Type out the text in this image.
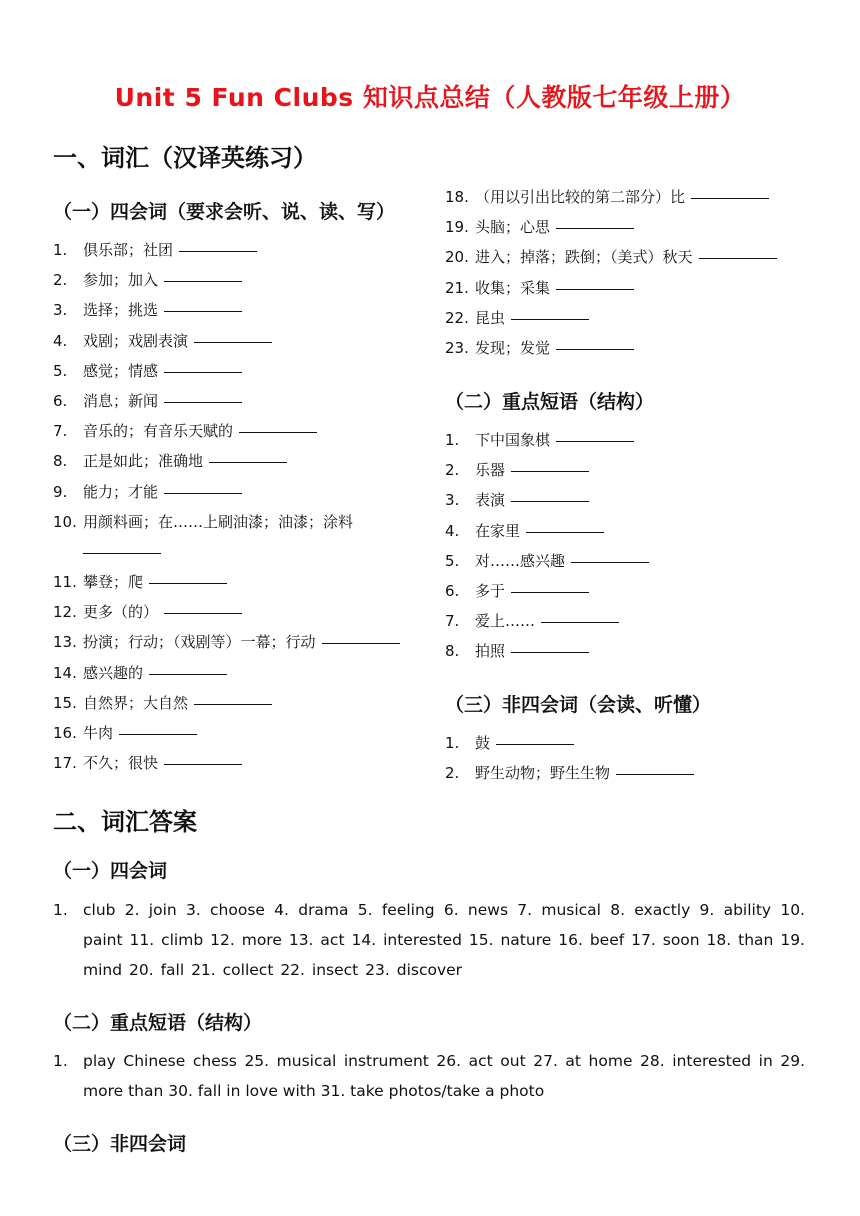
Unit 5 Fun Clubs 知识点总结（人教版七年级上册）
一、词汇（汉译英练习）
（一）四会词（要求会听、说、读、写）
1.	俱乐部；社团
2.	参加；加入
3.	选择；挑选
4.	戏剧；戏剧表演
5.	感觉；情感
6.	消息；新闻
7.	音乐的；有音乐天赋的
8.	正是如此；准确地
9.	能力；才能
10. 用颜料画；在……上刷油漆；油漆；涂料
11. 攀登；爬
12. 更多（的）
13. 扮演；行动；（戏剧等）一幕；行动
14. 感兴趣的
15. 自然界；大自然
16. 牛肉
17. 不久；很快
18. （用以引出比较的第二部分）比
19. 头脑；心思
20. 进入；掉落；跌倒；（美式）秋天
21. 收集；采集
22. 昆虫
23. 发现；发觉
（二）重点短语（结构）
1.	下中国象棋
2.	乐器
3.	表演
4.	在家里
5.	对……感兴趣
6.	多于
7.	爱上……
8.	拍照
（三）非四会词（会读、听懂）
1.	鼓
2.	野生动物；野生生物
二、词汇答案
（一）四会词
1. club 2. join 3. choose 4. drama 5. feeling 6. news 7. musical 8. exactly 9. ability 10. paint 11. climb 12. more 13. act 14. interested 15. nature 16. beef 17. soon 18. than 19. mind 20. fall 21. collect 22. insect 23. discover
（二）重点短语（结构）
1. play Chinese chess 25. musical instrument 26. act out 27. at home 28. interested in 29. more than 30. fall in love with 31. take photos/take a photo
（三）非四会词
